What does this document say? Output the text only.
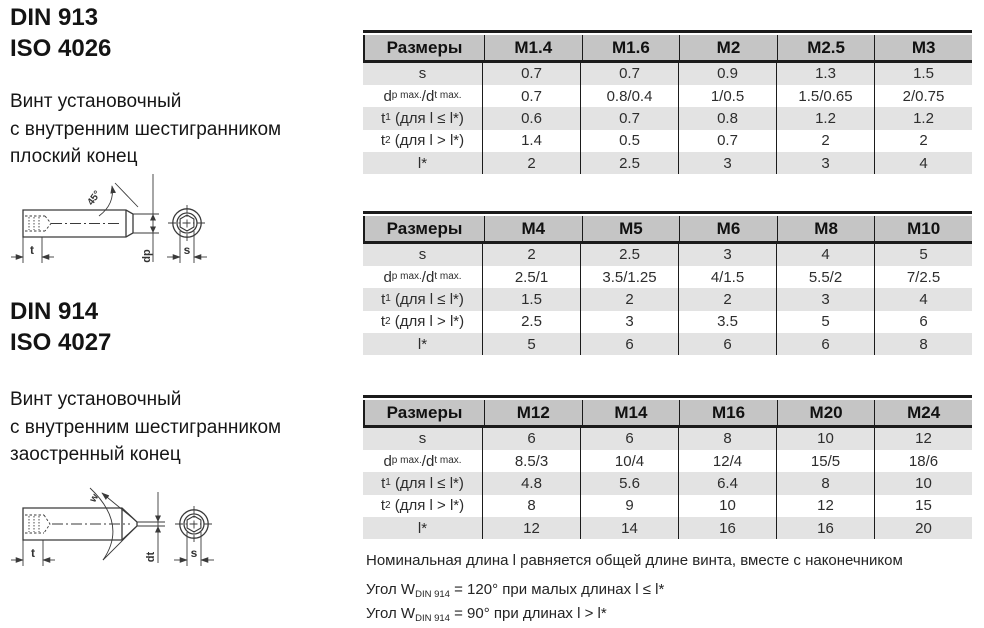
DIN 913
ISO 4026
Винт установочный
с внутренним шестигранником
плоский конец
45°
t	dp	s
DIN 914
ISO 4027
Винт установочный
с внутренним шестигранником
заостренный конец
w
t	dt	s
Размеры	M1.4	M1.6	M2	M2.5	M3
s	0.7	0.7	0.9	1.3	1.5
d p max. /d t max.	0.7	0.8/0.4	1/0.5	1.5/0.65	2/0.75
t 1 (для l ≤ l*)	0.6	0.7	0.8	1.2	1.2
t 2 (для l > l*)	1.4	0.5	0.7	2	2
l*	2	2.5	3	3	4
Размеры	M4	M5	M6	M8	M10
s	2	2.5	3	4	5
d p max. /d t max.	2.5/1	3.5/1.25	4/1.5	5.5/2	7/2.5
t 1 (для l ≤ l*)	1.5	2	2	3	4
t 2 (для l > l*)	2.5	3	3.5	5	6
l*	5	6	6	6	8
Размеры	M12	M14	M16	M20	M24
s	6	6	8	10	12
d p max. /d t max.	8.5/3	10/4	12/4	15/5	18/6
t 1 (для l ≤ l*)	4.8	5.6	6.4	8	10
t 2 (для l > l*)	8	9	10	12	15
l*	12	14	16	16	20
Номинальная длина l равняется общей длине винта, вместе с наконечником
Угол $W_{DIN 914} = 120^\circ$ при малых длинах l ≤ l*
Угол $W_{DIN 914} = 90^\circ$ при длинах l > l*
